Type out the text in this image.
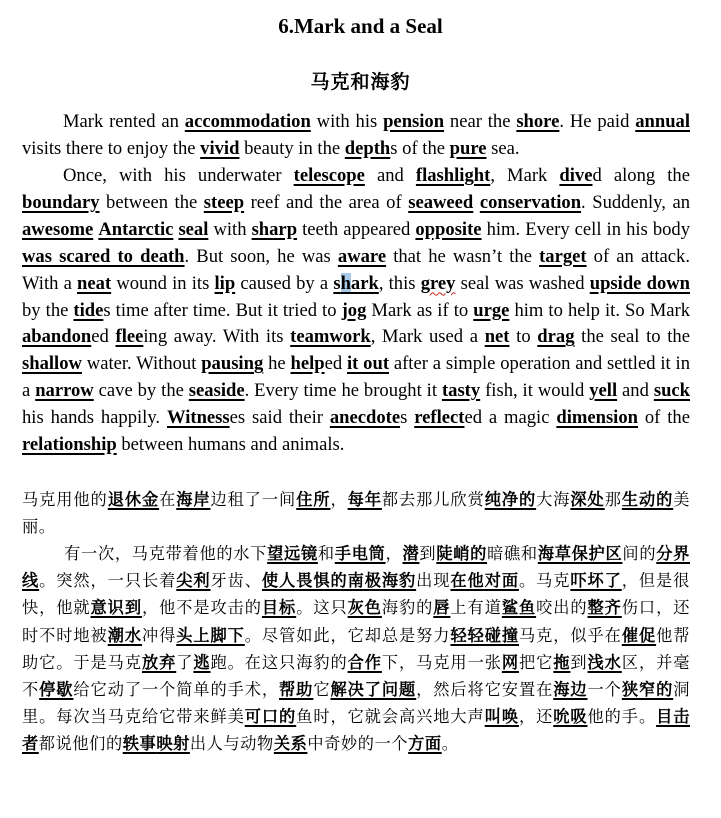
6.Mark and a Seal
马克和海豹

Mark rented an accommodation with his pension near the shore. He paid annual visits there to enjoy the vivid beauty in the depths of the pure sea.

Once, with his underwater telescope and flashlight, Mark dived along the boundary between the steep reef and the area of seaweed conservation. Suddenly, an awesome Antarctic seal with sharp teeth appeared opposite him. Every cell in his body was scared to death. But soon, he was aware that he wasn’t the target of an attack. With a neat wound in its lip caused by a shark, this grey seal was washed upside down by the tides time after time. But it tried to jog Mark as if to urge him to help it. So Mark abandoned fleeing away. With its teamwork, Mark used a net to drag the seal to the shallow water. Without pausing he helped it out after a simple operation and settled it in a narrow cave by the seaside. Every time he brought it tasty fish, it would yell and suck his hands happily. Witnesses said their anecdotes reflected a magic dimension of the relationship between humans and animals.

马克用他的退休金在海岸边租了一间住所，每年都去那儿欣赏纯净的大海深处那生动的美丽。

有一次，马克带着他的水下望远镜和手电筒，潜到陡峭的暗礁和海草保护区间的分界线。突然，一只长着尖利牙齿、使人畏惧的南极海豹出现在他对面。马克吓坏了，但是很快，他就意识到，他不是攻击的目标。这只灰色海豹的唇上有道鲨鱼咬出的整齐伤口，还时不时地被潮水冲得头上脚下。尽管如此，它却总是努力轻轻碰撞马克，似乎在催促他帮助它。于是马克放弃了逃跑。在这只海豹的合作下，马克用一张网把它拖到浅水区，并毫不停歇给它动了一个简单的手术，帮助它解决了问题，然后将它安置在海边一个狭窄的洞里。每次当马克给它带来鲜美可口的鱼时，它就会高兴地大声叫唤，还吮吸他的手。目击者都说他们的轶事映射出人与动物关系中奇妙的一个方面。
